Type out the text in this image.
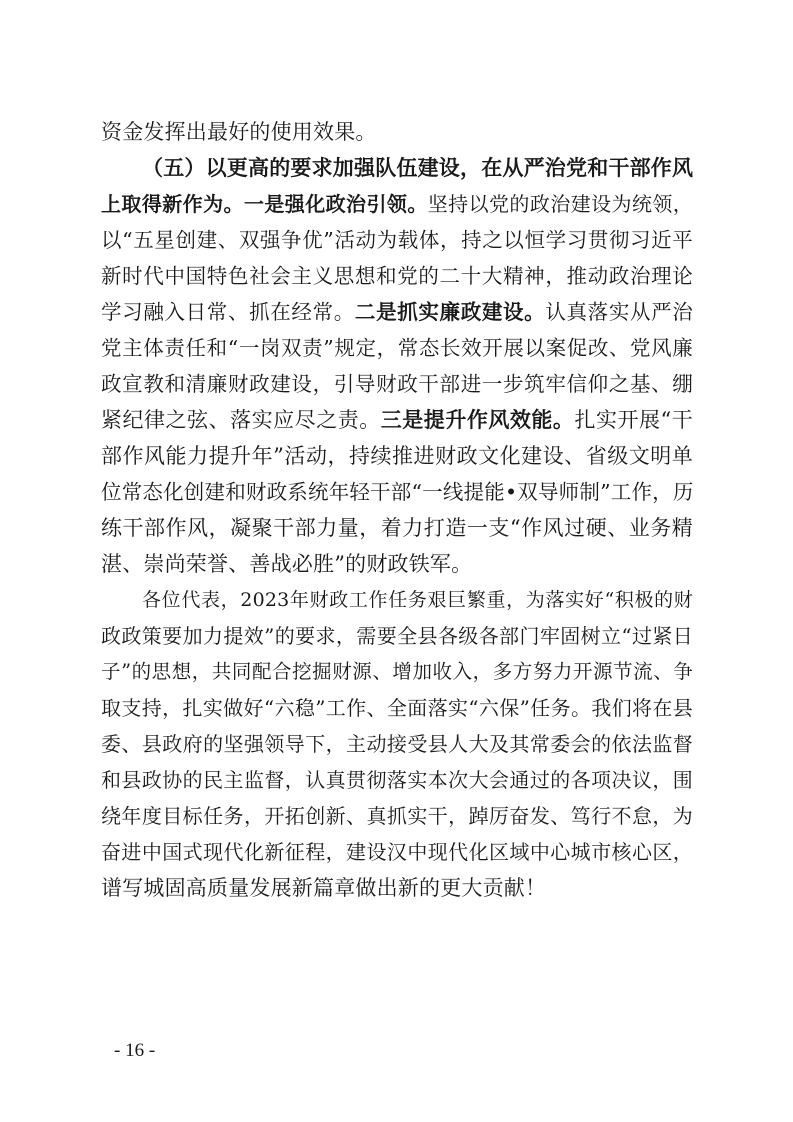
资金发挥出最好的使用效果。
（五）以更高的要求加强队伍建设，在从严治党和干部作风
上取得新作为。一是强化政治引领。坚持以党的政治建设为统领，
以“五星创建、双强争优”活动为载体，持之以恒学习贯彻习近平
新时代中国特色社会主义思想和党的二十大精神，推动政治理论
学习融入日常、抓在经常。二是抓实廉政建设。认真落实从严治
党主体责任和“一岗双责”规定，常态长效开展以案促改、党风廉
政宣教和清廉财政建设，引导财政干部进一步筑牢信仰之基、绷
紧纪律之弦、落实应尽之责。三是提升作风效能。扎实开展“干
部作风能力提升年”活动，持续推进财政文化建设、省级文明单
位常态化创建和财政系统年轻干部“一线提能•双导师制”工作，历
练干部作风，凝聚干部力量，着力打造一支“作风过硬、业务精
湛、崇尚荣誉、善战必胜”的财政铁军。
各位代表，2023年财政工作任务艰巨繁重，为落实好“积极的财
政政策要加力提效”的要求，需要全县各级各部门牢固树立“过紧日
子”的思想，共同配合挖掘财源、增加收入，多方努力开源节流、争
取支持，扎实做好“六稳”工作、全面落实“六保”任务。我们将在县
委、县政府的坚强领导下，主动接受县人大及其常委会的依法监督
和县政协的民主监督，认真贯彻落实本次大会通过的各项决议，围
绕年度目标任务，开拓创新、真抓实干，踔厉奋发、笃行不怠，为
奋进中国式现代化新征程，建设汉中现代化区域中心城市核心区，
谱写城固高质量发展新篇章做出新的更大贡献！
- 16 -
